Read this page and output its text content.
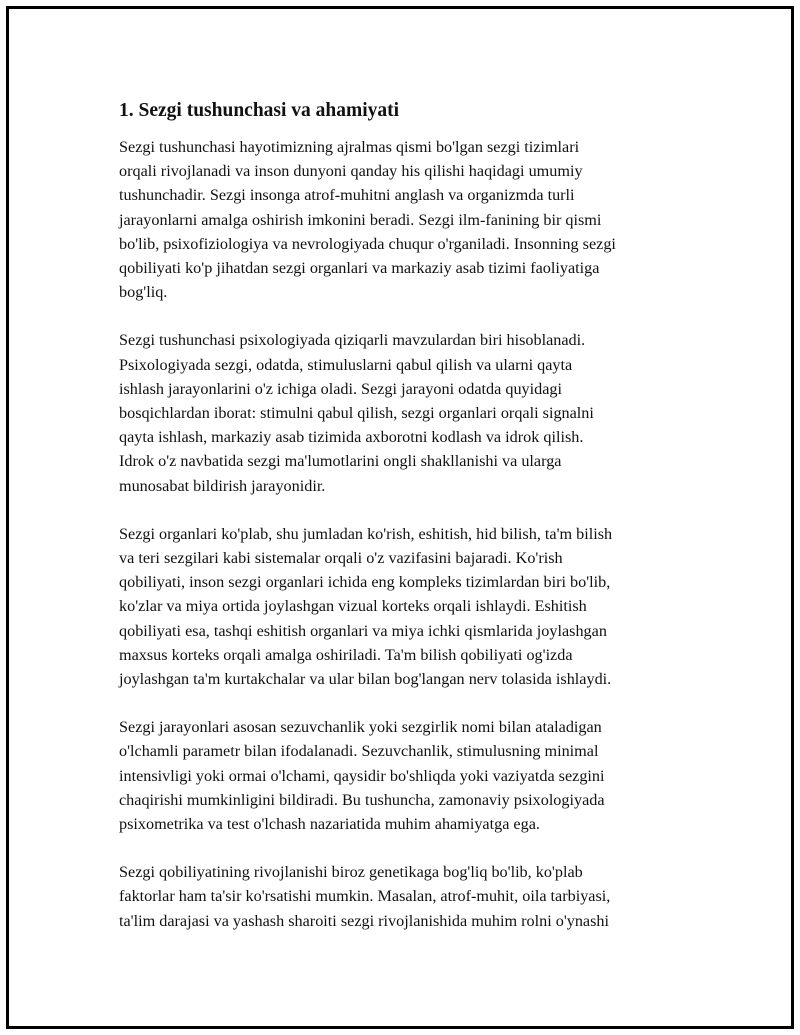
1. Sezgi tushunchasi va ahamiyati
Sezgi tushunchasi hayotimizning ajralmas qismi bo'lgan sezgi tizimlari
orqali rivojlanadi va inson dunyoni qanday his qilishi haqidagi umumiy
tushunchadir. Sezgi insonga atrof-muhitni anglash va organizmda turli
jarayonlarni amalga oshirish imkonini beradi. Sezgi ilm-fanining bir qismi
bo'lib, psixofiziologiya va nevrologiyada chuqur o'rganiladi. Insonning sezgi
qobiliyati ko'p jihatdan sezgi organlari va markaziy asab tizimi faoliyatiga
bog'liq.
Sezgi tushunchasi psixologiyada qiziqarli mavzulardan biri hisoblanadi.
Psixologiyada sezgi, odatda, stimuluslarni qabul qilish va ularni qayta
ishlash jarayonlarini o'z ichiga oladi. Sezgi jarayoni odatda quyidagi
bosqichlardan iborat: stimulni qabul qilish, sezgi organlari orqali signalni
qayta ishlash, markaziy asab tizimida axborotni kodlash va idrok qilish.
Idrok o'z navbatida sezgi ma'lumotlarini ongli shakllanishi va ularga
munosabat bildirish jarayonidir.
Sezgi organlari ko'plab, shu jumladan ko'rish, eshitish, hid bilish, ta'm bilish
va teri sezgilari kabi sistemalar orqali o'z vazifasini bajaradi. Ko'rish
qobiliyati, inson sezgi organlari ichida eng kompleks tizimlardan biri bo'lib,
ko'zlar va miya ortida joylashgan vizual korteks orqali ishlaydi. Eshitish
qobiliyati esa, tashqi eshitish organlari va miya ichki qismlarida joylashgan
maxsus korteks orqali amalga oshiriladi. Ta'm bilish qobiliyati og'izda
joylashgan ta'm kurtakchalar va ular bilan bog'langan nerv tolasida ishlaydi.
Sezgi jarayonlari asosan sezuvchanlik yoki sezgirlik nomi bilan ataladigan
o'lchamli parametr bilan ifodalanadi. Sezuvchanlik, stimulusning minimal
intensivligi yoki ormai o'lchami, qaysidir bo'shliqda yoki vaziyatda sezgini
chaqirishi mumkinligini bildiradi. Bu tushuncha, zamonaviy psixologiyada
psixometrika va test o'lchash nazariatida muhim ahamiyatga ega.
Sezgi qobiliyatining rivojlanishi biroz genetikaga bog'liq bo'lib, ko'plab
faktorlar ham ta'sir ko'rsatishi mumkin. Masalan, atrof-muhit, oila tarbiyasi,
ta'lim darajasi va yashash sharoiti sezgi rivojlanishida muhim rolni o'ynashi
